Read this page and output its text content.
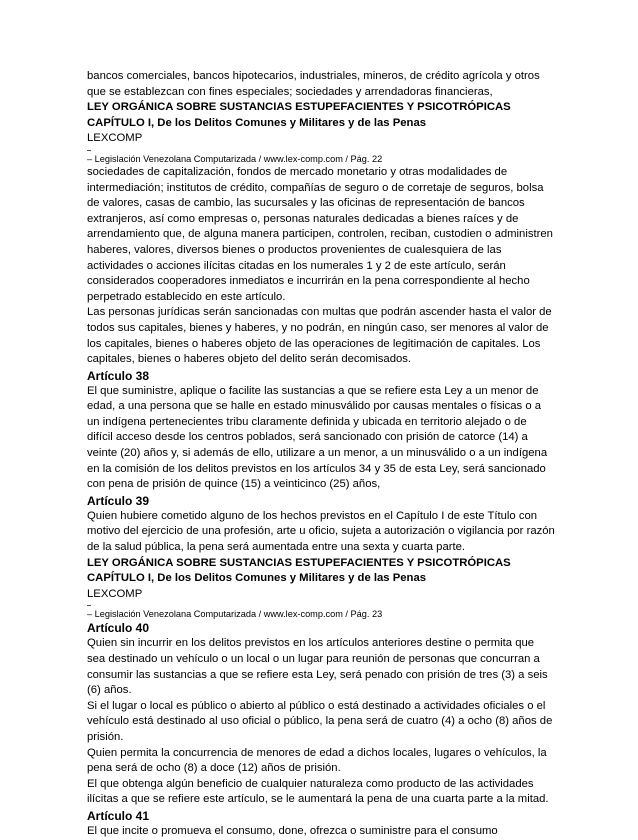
bancos comerciales, bancos hipotecarios, industriales, mineros, de crédito agrícola y otros que se establezcan con fines especiales; sociedades y arrendadoras financieras,

LEY ORGÁNICA SOBRE SUSTANCIAS ESTUPEFACIENTES Y PSICOTRÓPICAS

CAPÍTULO I, De los Delitos Comunes y Militares y de las Penas

LEXCOMP

– Legislación Venezolana Computarizada / www.lex-comp.com / Pág. 22

sociedades de capitalización, fondos de mercado monetario y otras modalidades de intermediación; institutos de crédito, compañías de seguro o de corretaje de seguros, bolsa de valores, casas de cambio, las sucursales y las oficinas de representación de bancos extranjeros, así como empresas o, personas naturales dedicadas a bienes raíces y de arrendamiento que, de alguna manera participen, controlen, reciban, custodien o administren haberes, valores, diversos bienes o productos provenientes de cualesquiera de las actividades o acciones ilícitas citadas en los numerales 1 y 2 de este artículo, serán considerados cooperadores inmediatos e incurrirán en la pena correspondiente al hecho perpetrado establecido en este artículo.

Las personas jurídicas serán sancionadas con multas que podrán ascender hasta el valor de todos sus capitales, bienes y haberes, y no podrán, en ningún caso, ser menores al valor de los capitales, bienes o haberes objeto de las operaciones de legitimación de capitales. Los capitales, bienes o haberes objeto del delito serán decomisados.

Artículo 38

El que suministre, aplique o facilite las sustancias a que se refiere esta Ley a un menor de edad, a una persona que se halle en estado minusválido por causas mentales o físicas o a un indígena pertenecientes tribu claramente definida y ubicada en territorio alejado o de difícil acceso desde los centros poblados, será sancionado con prisión de catorce (14) a veinte (20) años y, si además de ello, utilizare a un menor, a un minusválido o a un indígena en la comisión de los delitos previstos en los artículos 34 y 35 de esta Ley, será sancionado con pena de prisión de quince (15) a veinticinco (25) años,

Artículo 39

Quien hubiere cometido alguno de los hechos previstos en el Capítulo I de este Título con motivo del ejercicio de una profesión, arte u oficio, sujeta a autorización o vigilancia por razón de la salud pública, la pena será aumentada entre una sexta y cuarta parte.

LEY ORGÁNICA SOBRE SUSTANCIAS ESTUPEFACIENTES Y PSICOTRÓPICAS

CAPÍTULO I, De los Delitos Comunes y Militares y de las Penas

LEXCOMP

– Legislación Venezolana Computarizada / www.lex-comp.com / Pág. 23

Artículo 40

Quien sin incurrir en los delitos previstos en los artículos anteriores destine o permita que sea destinado un vehículo o un local o un lugar para reunión de personas que concurran a consumir las sustancias a que se refiere esta Ley, será penado con prisión de tres (3) a seis (6) años.

Si el lugar o local es público o abierto al público o está destinado a actividades oficiales o el vehículo está destinado al uso oficial o público, la pena será de cuatro (4) a ocho (8) años de prisión.

Quien permita la concurrencia de menores de edad a dichos locales, lugares o vehículos, la pena será de ocho (8) a doce (12) años de prisión.

El que obtenga algún beneficio de cualquier naturaleza como producto de las actividades ilícitas a que se refiere este artículo, se le aumentará la pena de una cuarta parte a la mitad.

Artículo 41

El que incite o promueva el consumo, done, ofrezca o suministre para el consumo
